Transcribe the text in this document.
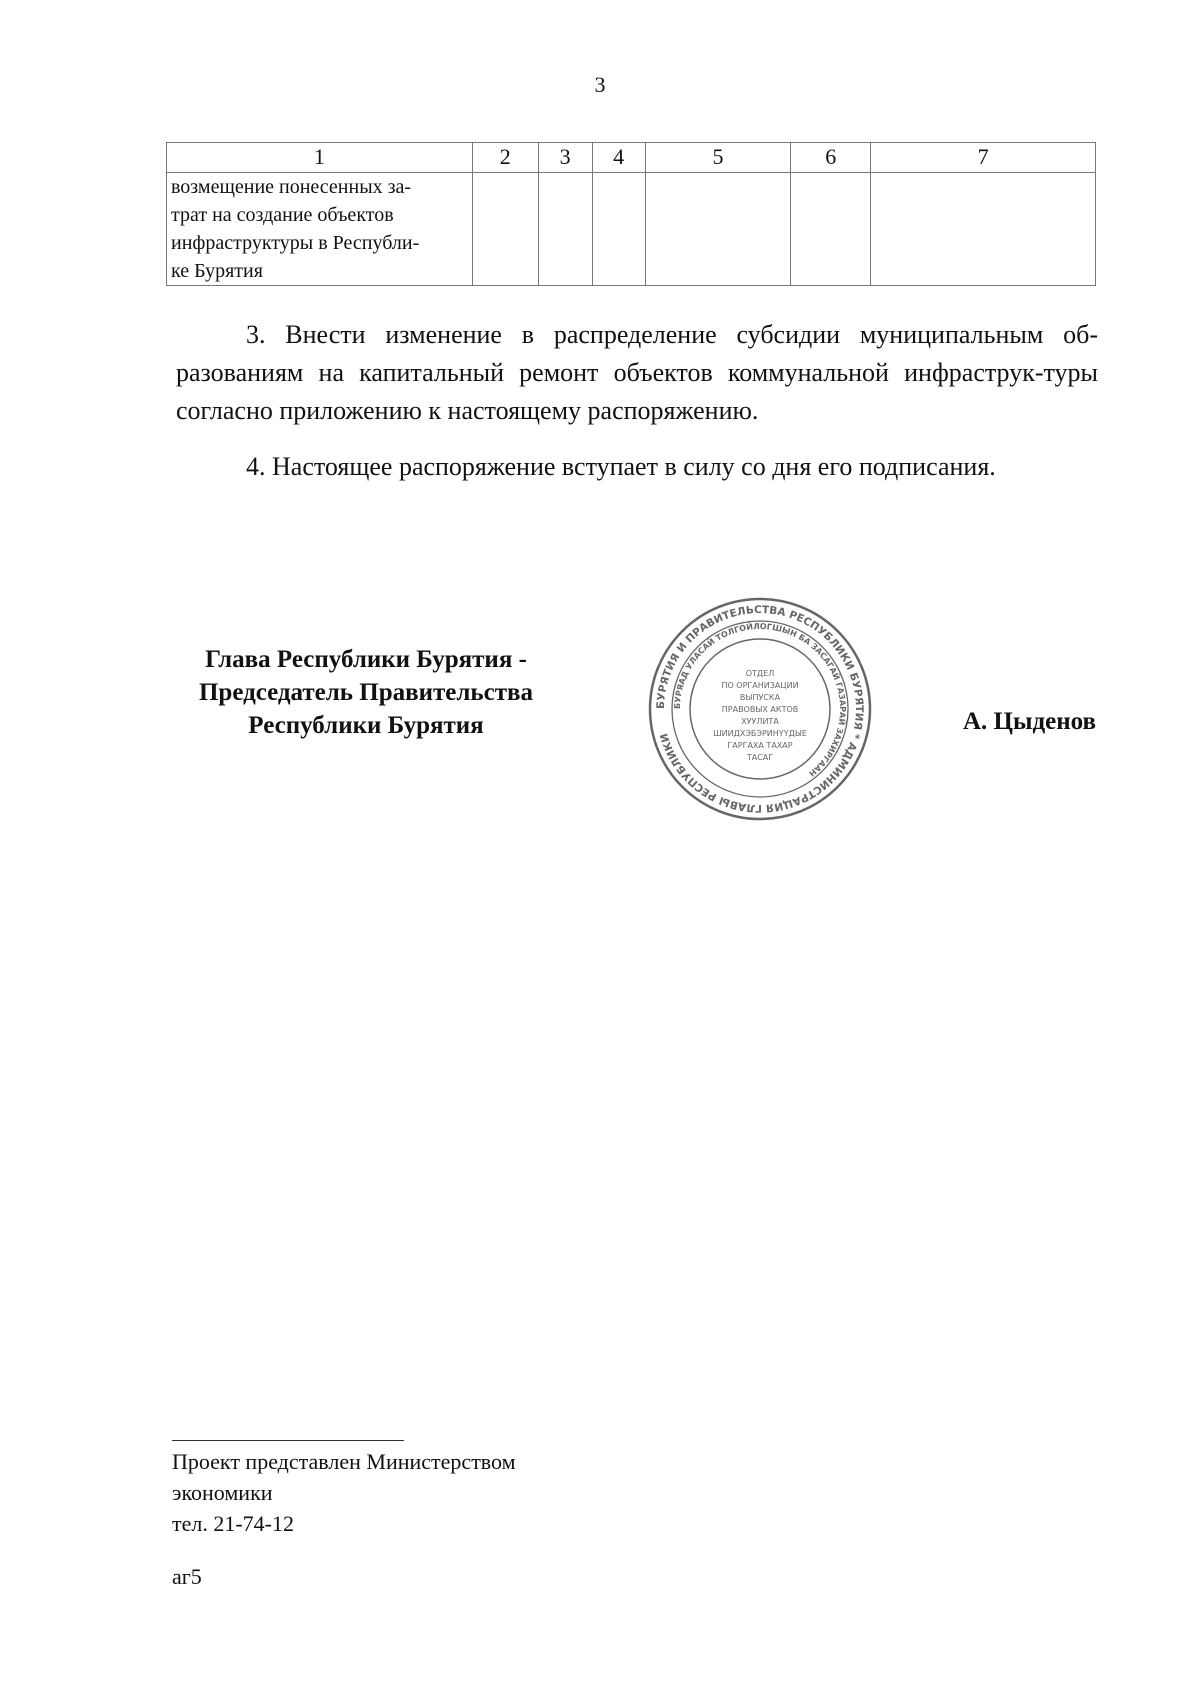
3
1	2	3	4	5	6	7
возмещение понесенных за-
трат на создание объектов
инфраструктуры в Республи-
ке Бурятия						
3. Внести изменение в распределение субсидии муниципальным об-разованиям на капитальный ремонт объектов коммунальной инфраструк-туры согласно приложению к настоящему распоряжению.
4. Настоящее распоряжение вступает в силу со дня его подписания.
Глава Республики Бурятия -
Председатель Правительства
Республики Бурятия
БУРЯТИЯ И ПРАВИТЕЛЬСТВА РЕСПУБЛИКИ БУРЯТИЯ * АДМИНИСТРАЦИЯ ГЛАВЫ РЕСПУБЛИКИ
БУРЯАД УЛАСАЙ ТОЛГОЙЛОГШЫН БА ЗАСАГАЙ ГАЗАРАЙ ЗАХИРГААН
ОТДЕЛ
ПО ОРГАНИЗАЦИИ
ВЫПУСКА
ПРАВОВЫХ АКТОВ
ХУУЛИТА
ШИИДХЭБЭРИНҮҮДЫЕ
ГАРГАХА ТАХАР
ТАСАГ
А. Цыденов
Проект представлен Министерством
экономики
тел. 21-74-12
аг5
